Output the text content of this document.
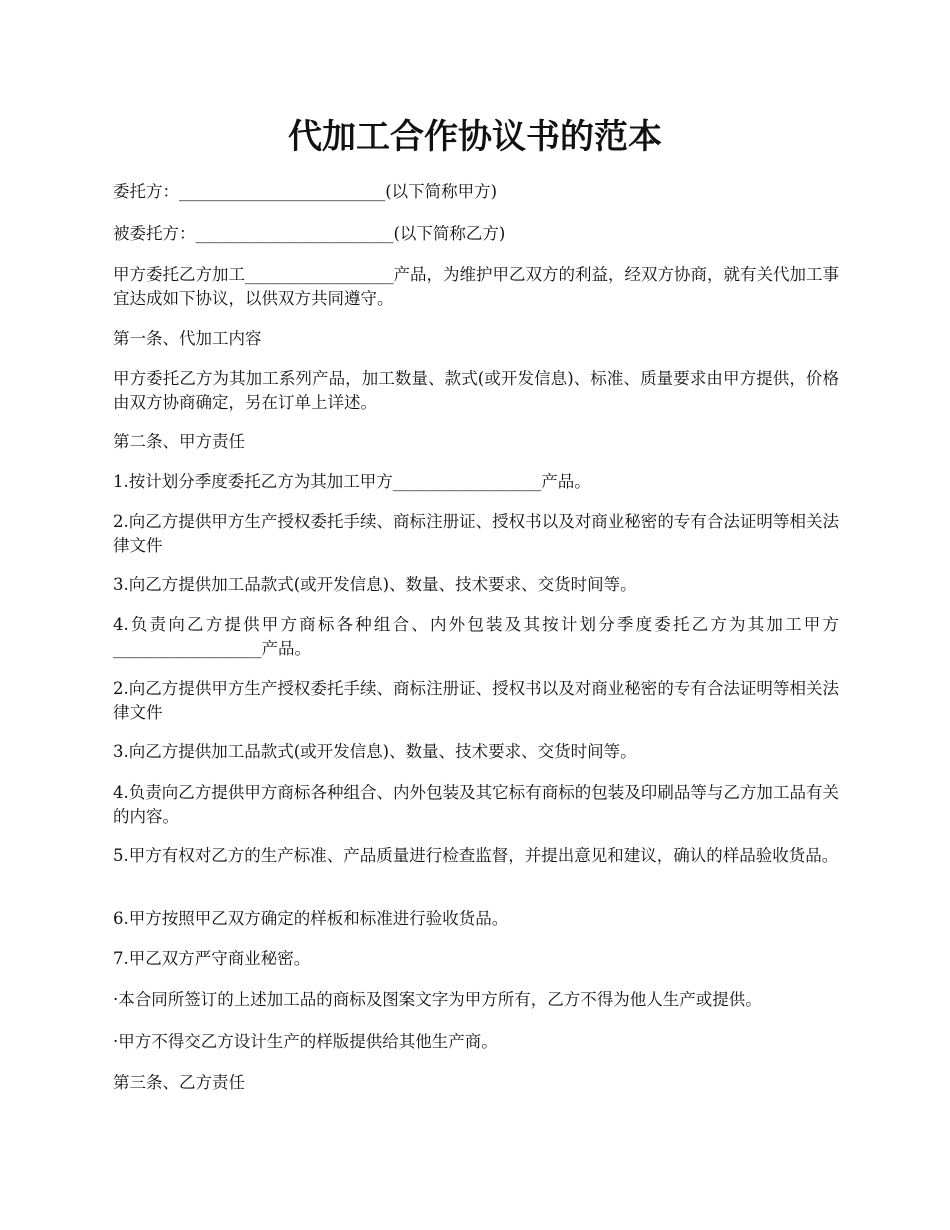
代加工合作协议书的范本

委托方：_________________________(以下简称甲方)

被委托方：________________________(以下简称乙方)

甲方委托乙方加工__________________产品，为维护甲乙双方的利益，经双方协商，就有关代加工事宜达成如下协议，以供双方共同遵守。

第一条、代加工内容

甲方委托乙方为其加工系列产品，加工数量、款式(或开发信息)、标准、质量要求由甲方提供，价格由双方协商确定，另在订单上详述。

第二条、甲方责任

1.按计划分季度委托乙方为其加工甲方__________________产品。

2.向乙方提供甲方生产授权委托手续、商标注册证、授权书以及对商业秘密的专有合法证明等相关法律文件

3.向乙方提供加工品款式(或开发信息)、数量、技术要求、交货时间等。

4.负责向乙方提供甲方商标各种组合、内外包装及其按计划分季度委托乙方为其加工甲方__________________产品。

2.向乙方提供甲方生产授权委托手续、商标注册证、授权书以及对商业秘密的专有合法证明等相关法律文件

3.向乙方提供加工品款式(或开发信息)、数量、技术要求、交货时间等。

4.负责向乙方提供甲方商标各种组合、内外包装及其它标有商标的包装及印刷品等与乙方加工品有关的内容。

5.甲方有权对乙方的生产标准、产品质量进行检查监督，并提出意见和建议，确认的样品验收货品。

6.甲方按照甲乙双方确定的样板和标准进行验收货品。

7.甲乙双方严守商业秘密。

·本合同所签订的上述加工品的商标及图案文字为甲方所有，乙方不得为他人生产或提供。

·甲方不得交乙方设计生产的样版提供给其他生产商。

第三条、乙方责任
